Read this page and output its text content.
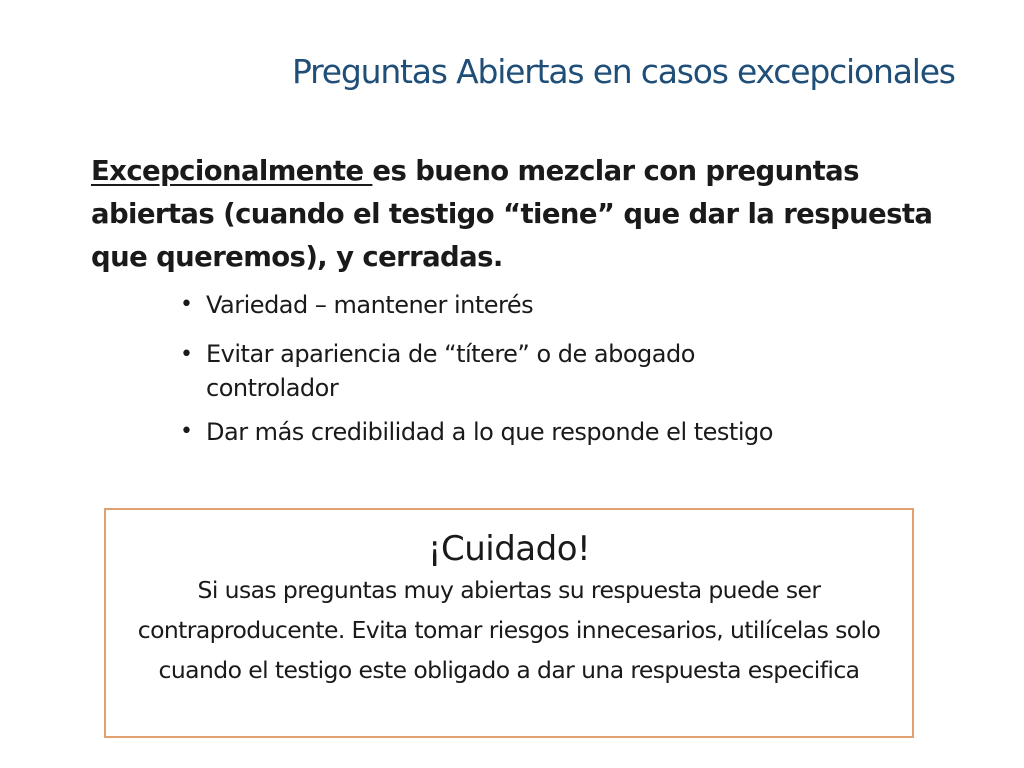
Preguntas Abiertas en casos excepcionales
Excepcionalmente es bueno mezclar con preguntas abiertas (cuando el testigo “tiene” que dar la respuesta que queremos), y cerradas.
• Variedad – mantener interés
• Evitar apariencia de “títere” o de abogado controlador
• Dar más credibilidad a lo que responde el testigo
¡Cuidado!
Si usas preguntas muy abiertas su respuesta puede ser contraproducente. Evita tomar riesgos innecesarios, utilícelas solo cuando el testigo este obligado a dar una respuesta especifica
